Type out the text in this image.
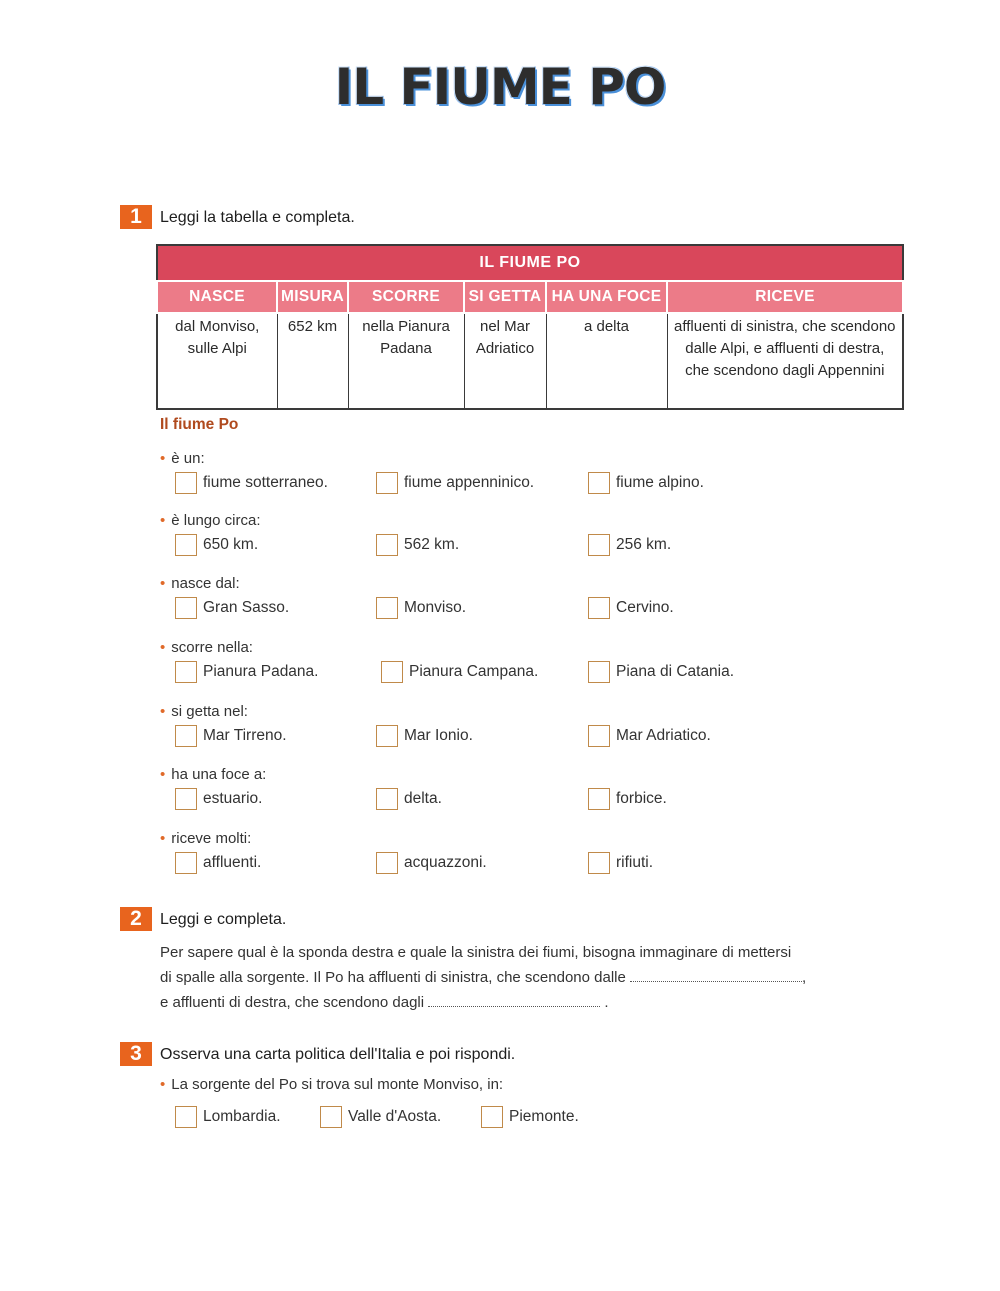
IL FIUME PO
1	Leggi la tabella e completa.
IL FIUME PO					
NASCE	MISURA	SCORRE	SI GETTA	HA UNA FOCE	RICEVE
dal Monviso, sulle Alpi	652 km	nella Pianura Padana	nel Mar Adriatico	a delta	affluenti di sinistra, che scendono dalle Alpi, e affluenti di destra, che scendono dagli Appennini
Il fiume Po
• è un:
fiume sotterraneo.	fiume appenninico.	fiume alpino.
• è lungo circa:
650 km.	562 km.	256 km.
• nasce dal:
Gran Sasso.	Monviso.	Cervino.
• scorre nella:
Pianura Padana.	Pianura Campana.	Piana di Catania.
• si getta nel:
Mar Tirreno.	Mar Ionio.	Mar Adriatico.
• ha una foce a:
estuario.	delta.	forbice.
• riceve molti:
affluenti.	acquazzoni.	rifiuti.
2	Leggi e completa.
Per sapere qual è la sponda destra e quale la sinistra dei fiumi, bisogna immaginare di mettersi
di spalle alla sorgente. Il Po ha affluenti di sinistra, che scendono dalle	,
e affluenti di destra, che scendono dagli	.
3	Osserva una carta politica dell'Italia e poi rispondi.
• La sorgente del Po si trova sul monte Monviso, in:
Lombardia.	Valle d'Aosta.	Piemonte.
